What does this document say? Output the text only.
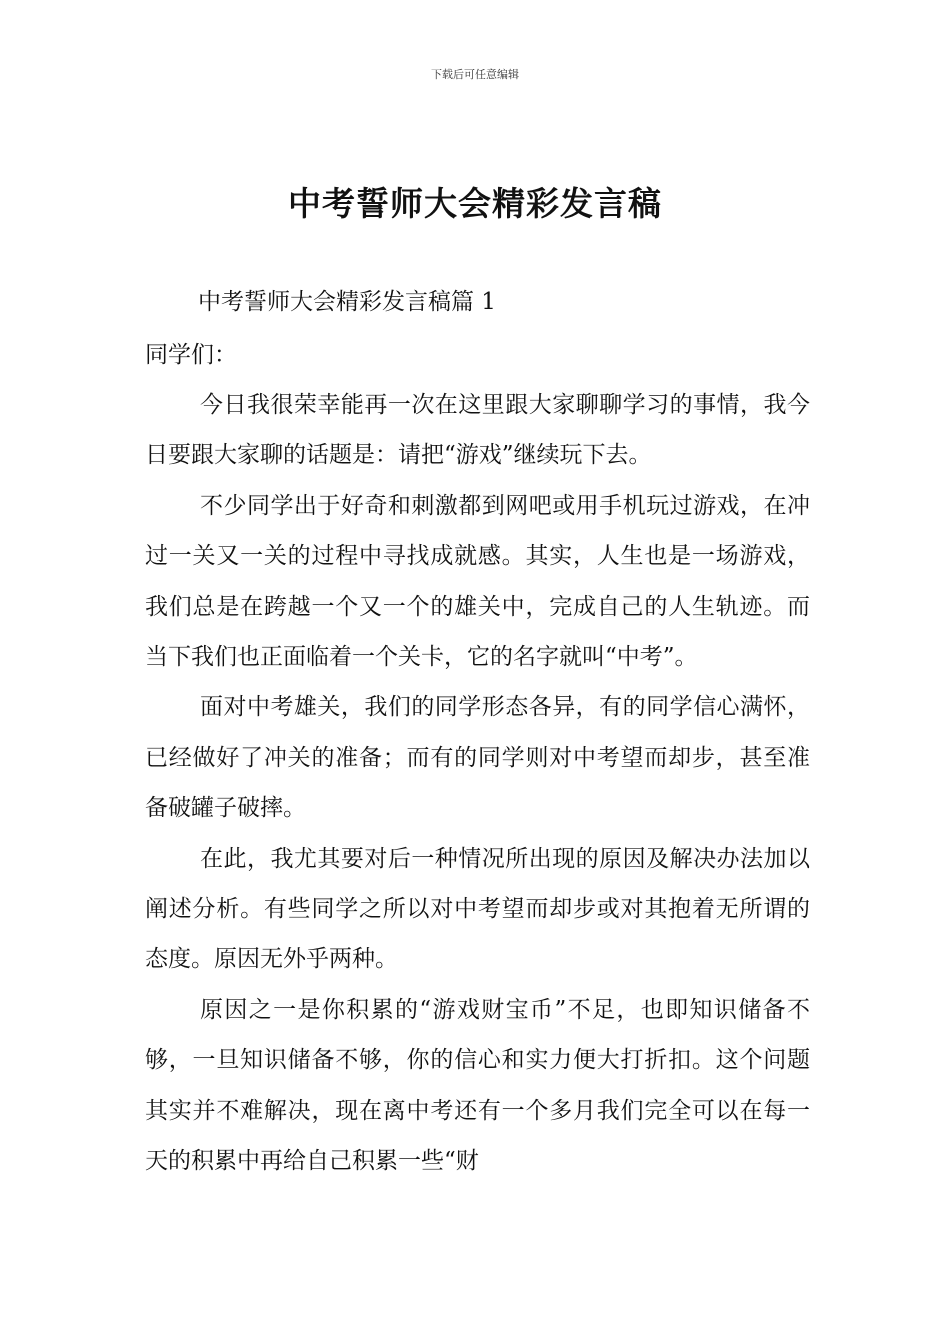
下载后可任意编辑
中考誓师大会精彩发言稿
中考誓师大会精彩发言稿篇 1
同学们：

今日我很荣幸能再一次在这里跟大家聊聊学习的事情，我今日要跟大家聊的话题是：请把“游戏”继续玩下去。

不少同学出于好奇和刺激都到网吧或用手机玩过游戏，在冲过一关又一关的过程中寻找成就感。其实，人生也是一场游戏，我们总是在跨越一个又一个的雄关中，完成自己的人生轨迹。而当下我们也正面临着一个关卡，它的名字就叫“中考”。

面对中考雄关，我们的同学形态各异，有的同学信心满怀，已经做好了冲关的准备；而有的同学则对中考望而却步，甚至准备破罐子破摔。

在此，我尤其要对后一种情况所出现的原因及解决办法加以阐述分析。有些同学之所以对中考望而却步或对其抱着无所谓的态度。原因无外乎两种。

原因之一是你积累的“游戏财宝币”不足，也即知识储备不够，一旦知识储备不够，你的信心和实力便大打折扣。这个问题其实并不难解决，现在离中考还有一个多月我们完全可以在每一天的积累中再给自己积累一些“财
